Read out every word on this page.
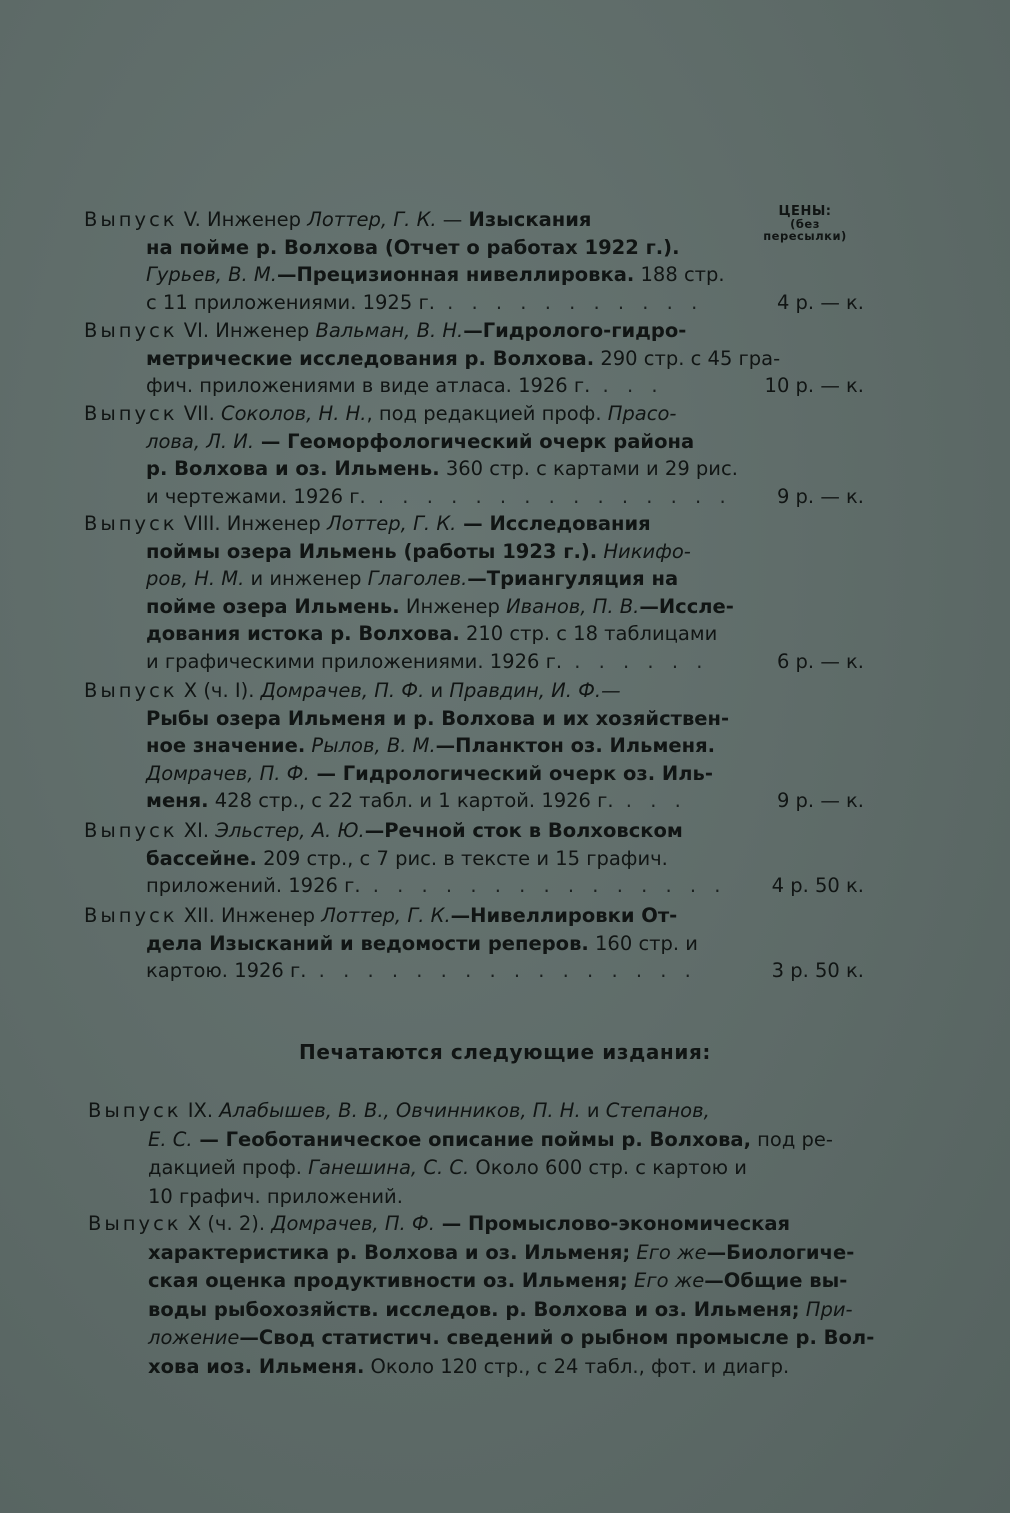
ЦЕНЫ:
(без
пересылки)
Выпуск V. Инженер Лоттер, Г. К. — Изыскания
на пойме р. Волхова (Отчет о работах 1922 г.).
Гурьев, В. М.—Прецизионная нивеллировка. 188 стр.
с 11 приложениями. 1925 г. . . . . . . . . . . .	4 р. — к.
Выпуск VI. Инженер Вальман, В. Н.—Гидролого-гидро-
метрические исследования р. Волхова. 290 стр. с 45 гра-
фич. приложениями в виде атласа. 1926 г. . . .	10 р. — к.
Выпуск VII. Соколов, Н. Н., под редакцией проф. Прасо-
лова, Л. И. — Геоморфологический очерк района
р. Волхова и оз. Ильмень. 360 стр. с картами и 29 рис.
и чертежами. 1926 г. . . . . . . . . . . . . . . . 9 р. — к.
Выпуск VIII. Инженер Лоттер, Г. К. — Исследования
поймы озера Ильмень (работы 1923 г.). Никифо-
ров, Н. М. и инженер Глаголев.—Триангуляция на
пойме озера Ильмень. Инженер Иванов, П. В.—Иссле-
дования истока р. Волхова. 210 стр. с 18 таблицами
и графическими приложениями. 1926 г. . . . . . .	6 р. — к.
Выпуск X (ч. I). Домрачев, П. Ф. и Правдин, И. Ф.—
Рыбы озера Ильменя и р. Волхова и их хозяйствен-
ное значение. Рылов, В. М.—Планктон оз. Ильменя.
Домрачев, П. Ф. — Гидрологический очерк оз. Иль-
меня. 428 стр., с 22 табл. и 1 картой. 1926 г. . . .	9 р. — к.
Выпуск XI. Эльстер, А. Ю.—Речной сток в Волховском
бассейне. 209 стр., с 7 рис. в тексте и 15 графич.
приложений. 1926 г. . . . . . . . . . . . . . . . 4 р. 50 к.
Выпуск XII. Инженер Лоттер, Г. К.—Нивеллировки От-
дела Изысканий и ведомости реперов. 160 стр. и
картою. 1926 г. . . . . . . . . . . . . . . . .	3 р. 50 к.
Печатаются следующие издания:
Выпуск IX. Алабышев, В. В., Овчинников, П. Н. и Степанов,
Е. С. — Геоботаническое описание поймы р. Волхова, под ре-
дакцией проф. Ганешина, С. С. Около 600 стр. с картою и
10 графич. приложений.
Выпуск X (ч. 2). Домрачев, П. Ф. — Промыслово-экономическая
характеристика р. Волхова и оз. Ильменя; Его же—Биологиче-
ская оценка продуктивности оз. Ильменя; Его же—Общие вы-
воды рыбохозяйств. исследов. р. Волхова и оз. Ильменя; При-
ложение—Свод статистич. сведений о рыбном промысле р. Вол-
хова иоз. Ильменя. Около 120 стр., с 24 табл., фот. и диагр.
